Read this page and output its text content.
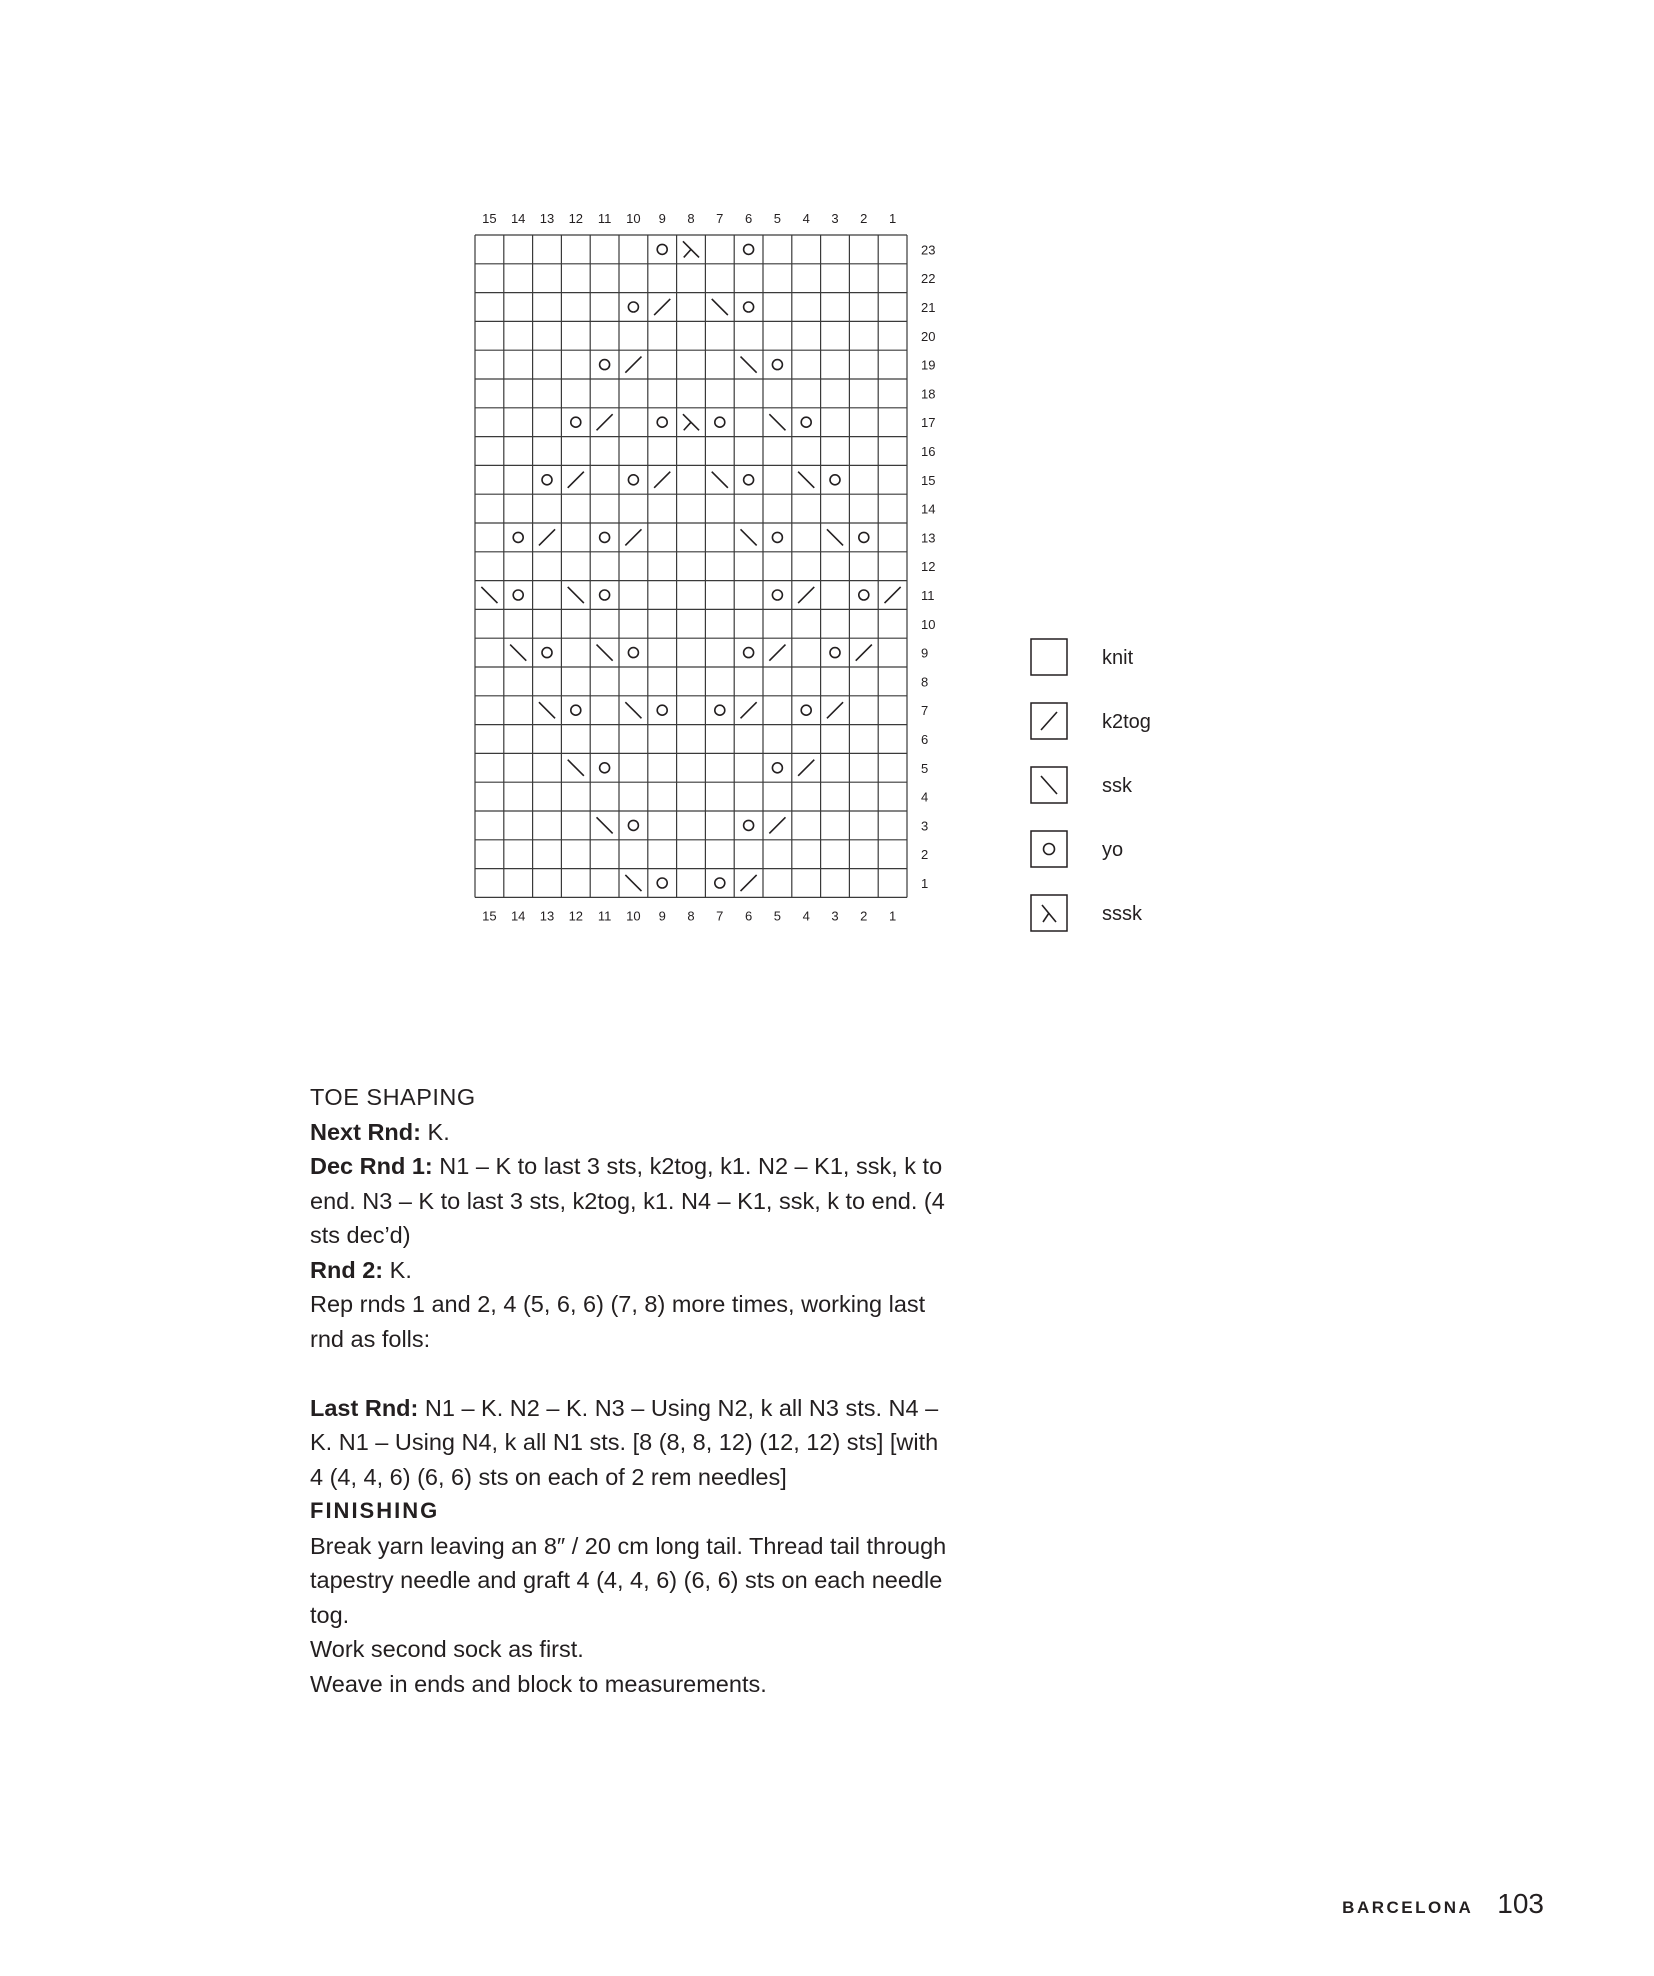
15
15
14
14
13
13
12
12
11
11
10
10
9
9
8
8
7
7
6
6
5
5
4
4
3
3
2
2
1
1
23
22
21
20
19
18
17
16
15
14
13
12
11
10
9
8
7
6
5
4
3
2
1
knit
k2tog
ssk
yo
sssk

TOE SHAPING

Next Rnd: K.

Dec Rnd 1: N1 – K to last 3 sts, k2tog, k1. N2 – K1, ssk, k to end. N3 – K to last 3 sts, k2tog, k1. N4 – K1, ssk, k to end. (4 sts dec’d)

Rnd 2: K.

Rep rnds 1 and 2, 4 (5, 6, 6) (7, 8) more times, working last rnd as folls:

Last Rnd: N1 – K. N2 – K. N3 – Using N2, k all N3 sts. N4 – K. N1 – Using N4, k all N1 sts. [8 (8, 8, 12) (12, 12) sts] [with 4 (4, 4, 6) (6, 6) sts on each of 2 rem needles]

FINISHING

Break yarn leaving an 8″ / 20 cm long tail. Thread tail through tapestry needle and graft 4 (4, 4, 6) (6, 6) sts on each needle tog.

Work second sock as first.

Weave in ends and block to measurements.

BARCELONA 103
